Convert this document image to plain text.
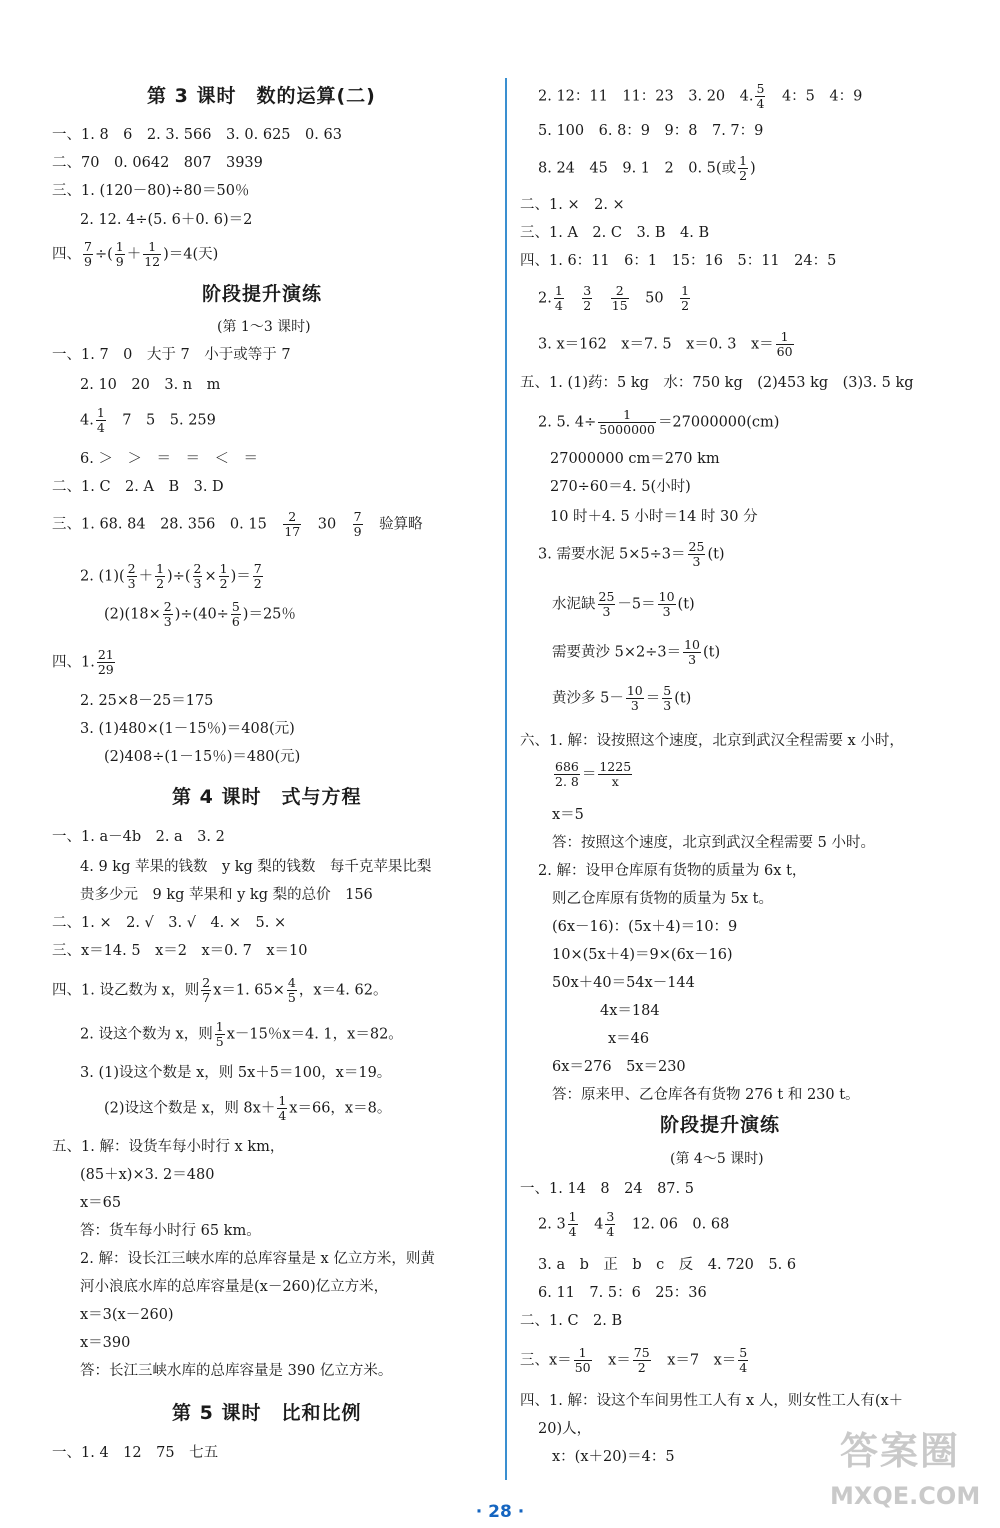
第 3 课时　数的运算(二)
一、1. 8　6　2. 3. 566　3. 0. 625　0. 63
二、70　0. 0642　807　3939
三、1. (120－80)÷80＝50％
2. 12. 4÷(5. 6＋0. 6)＝2
四、 $\frac{7}{9}$ ÷( $\frac{1}{9} + \frac{1}{12} )=4$(天)
阶段提升演练
(第 1～3 课时)
一、1. 7　0　大于 7　小于或等于 7
2. 10　20　3. n　m
4. $\frac{1}{4}$
　 7　5　5. 259
6. ＞　＞　＝　＝　＜　＝
二、1. C　2. A　B　3. D
三、1. 68. 84　28. 356　0. 15　 $\frac{2}{17}$
　 30　 $\frac{7}{9}$
　 验算略
2. $(1)( \frac{2}{3} + \frac{1}{2}$ )÷( $\frac{2}{3} \times \frac{1}{2}$ )＝ $\frac{7}{2}$
$(2)(18\times \frac{2}{3} )\div(40\div \frac{5}{6} )=25$％
四、1. $\frac{21}{29}$
2. 25×8－25＝175
3. (1)480×(1－15％)＝408(元)
(2)408÷(1－15％)＝480(元)
第 4 课时　式与方程
一、1. a－4b　2. a　3. 2
4. 9 kg 苹果的钱数　y kg 梨的钱数　每千克苹果比梨
贵多少元　9 kg 苹果和 y kg 梨的总价　156
二、1. ×　2. √　3. √　4. ×　5. ×
三、x＝14. 5　x＝2　x＝0. 7　x＝10
四、1. 设乙数为 x，则 $\frac{2}{7} x=1$. $65\times \frac{4}{5}$ ，x＝4. 62。
2. 设这个数为 x，则 $\frac{1}{5} x-15$％x＝4. 1，x＝82。
3. (1)设这个数是 x，则 5x＋5＝100，x＝19。
(2)设这个数是 x，则 $8x+ \frac{1}{4} x=66$，x＝8。
五、1. 解：设货车每小时行 x km，
(85＋x)×3. 2＝480
x＝65
答：货车每小时行 65 km。
2. 解：设长江三峡水库的总库容量是 x 亿立方米，则黄
河小浪底水库的总库容量是(x－260)亿立方米，
x＝3(x－260)
x＝390
答：长江三峡水库的总库容量是 390 亿立方米。
第 5 课时　比和比例
一、1. 4　12　75　七五
2. 12：11　11：23　3. 20　4. $\frac{5}{4}$
　 4：5　4：9
5. 100　6. 8：9　9：8　7. 7：9
8. 24　45　9. 1　2　0. 5(或 $\frac{1}{2}$ )
二、1. ×　2. ×
三、1. A　2. C　3. B　4. B
四、1. 6：11　6：1　15：16　5：11　24：5
2. $\frac{1}{4}$
　 $\frac{3}{2}$
　 $\frac{2}{15}$
　 50　 $\frac{1}{2}$
3. x＝162　x＝7. 5　x＝0. 3　$x= \frac{1}{60}$
五、1. (1)药：5 kg　水：750 kg　(2)453 kg　(3)3. 5 kg
2. 5. $4\div \frac{1}{5000000} =27000000(cm)$
27000000 cm＝270 km
270÷60＝4. 5(小时)
10 时＋4. 5 小时＝14 时 30 分
3. 需要水泥 $5\times 5\div 3= \frac{25}{3} (t)$
水泥缺 $\frac{25}{3} -5= \frac{10}{3} (t)$
需要黄沙 $5\times 2\div 3= \frac{10}{3} (t)$
黄沙多 $5- \frac{10}{3} = \frac{5}{3} (t)$
六、1. 解：设按照这个速度，北京到武汉全程需要 x 小时，
$\frac{686}{2. 8} = \frac{1225}{x}$
x＝5
答：按照这个速度，北京到武汉全程需要 5 小时。
2. 解：设甲仓库原有货物的质量为 6x t，
则乙仓库原有货物的质量为 5x t。
(6x－16)：(5x＋4)＝10：9
10×(5x＋4)＝9×(6x－16)
50x＋40＝54x－144
4x＝184
x＝46
6x＝276　5x＝230
答：原来甲、乙仓库各有货物 276 t 和 230 t。
阶段提升演练
(第 4～5 课时)
一、1. 14　8　24　87. 5
2. $3 \frac{1}{4}$
　 $4 \frac{3}{4}$
　 12. 06　0. 68
3. a　b　正　b　c　反　4. 720　5. 6
6. 11　7. 5：6　25：36
二、1. C　2. B
三、$x= \frac{1}{50}$
　 $x= \frac{75}{2}$
　 x＝7　$x= \frac{5}{4}$
四、1. 解：设这个车间男性工人有 x 人，则女性工人有(x＋
20)人，
x：(x＋20)＝4：5
· 28 ·
答案圈
MXQE.COM
